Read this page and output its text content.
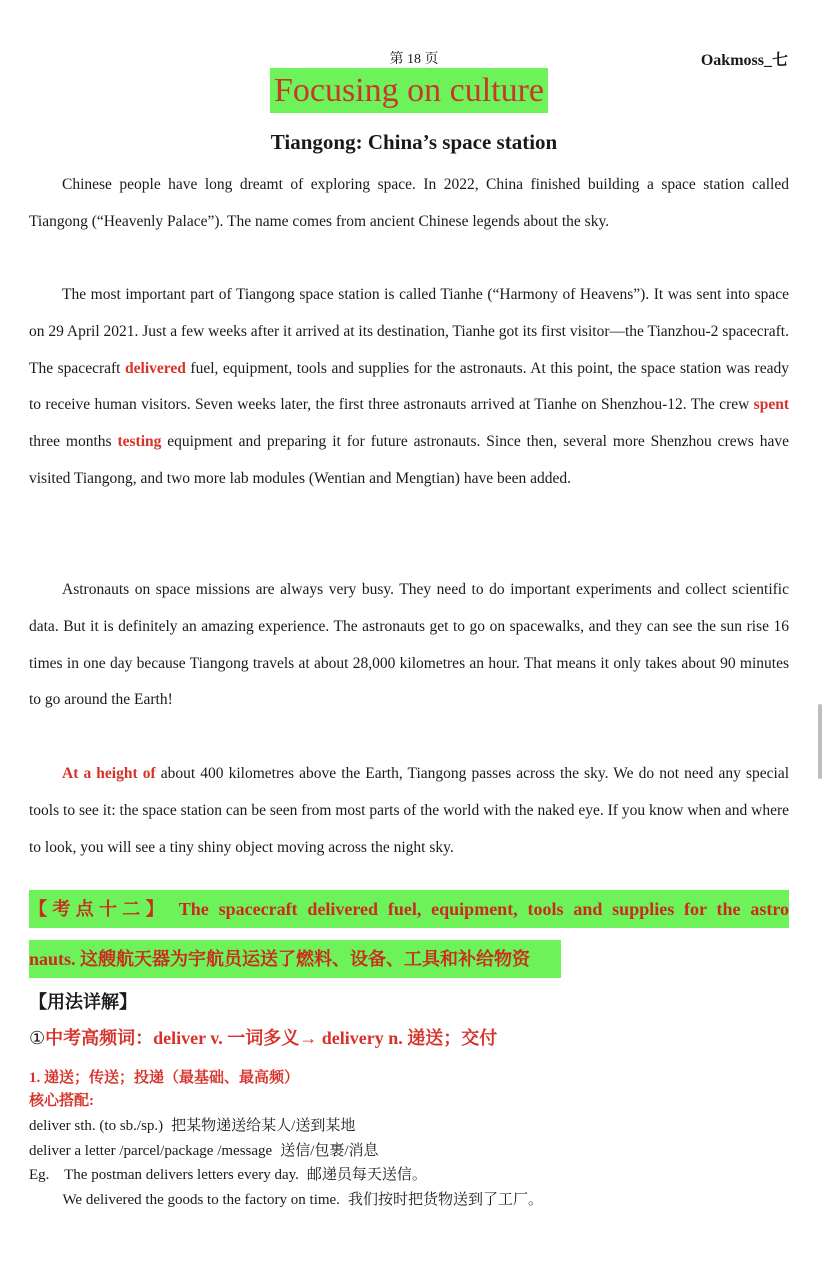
第 18 页	Oakmoss_七
Focusing on culture
Tiangong: China’s space station

Chinese people have long dreamt of exploring space. In 2022, China finished building a space station called Tiangong (“Heavenly Palace”). The name comes from ancient Chinese legends about the sky.

The most important part of Tiangong space station is called Tianhe (“Harmony of Heavens”). It was sent into space on 29 April 2021. Just a few weeks after it arrived at its destination, Tianhe got its first visitor—the Tianzhou-2 spacecraft. The spacecraft delivered fuel, equipment, tools and supplies for the astronauts. At this point, the space station was ready to receive human visitors. Seven weeks later, the first three astronauts arrived at Tianhe on Shenzhou-12. The crew spent three months testing equipment and preparing it for future astronauts. Since then, several more Shenzhou crews have visited Tiangong, and two more lab modules (Wentian and Mengtian) have been added.

Astronauts on space missions are always very busy. They need to do important experiments and collect scientific data. But it is definitely an amazing experience. The astronauts get to go on spacewalks, and they can see the sun rise 16 times in one day because Tiangong travels at about 28,000 kilometres an hour. That means it only takes about 90 minutes to go around the Earth!

At a height of about 400 kilometres above the Earth, Tiangong passes across the sky. We do not need any special tools to see it: the space station can be seen from most parts of the world with the naked eye. If you know when and where to look, you will see a tiny shiny object moving across the night sky.

【考点十二】 The spacecraft delivered fuel, equipment, tools and supplies for the astro
nauts. 这艘航天器为宇航员运送了燃料、设备、工具和补给物资
【用法详解】
①中考高频词：deliver v. 一词多义→ delivery n. 递送；交付
1. 递送；传送；投递（最基础、最高频）
核心搭配:
deliver sth. (to sb./sp.) 把某物递送给某人/送到某地
deliver a letter /parcel/package /message 送信/包裹/消息
Eg.    The postman delivers letters every day. 邮递员每天送信。
We delivered the goods to the factory on time. 我们按时把货物送到了工厂。
